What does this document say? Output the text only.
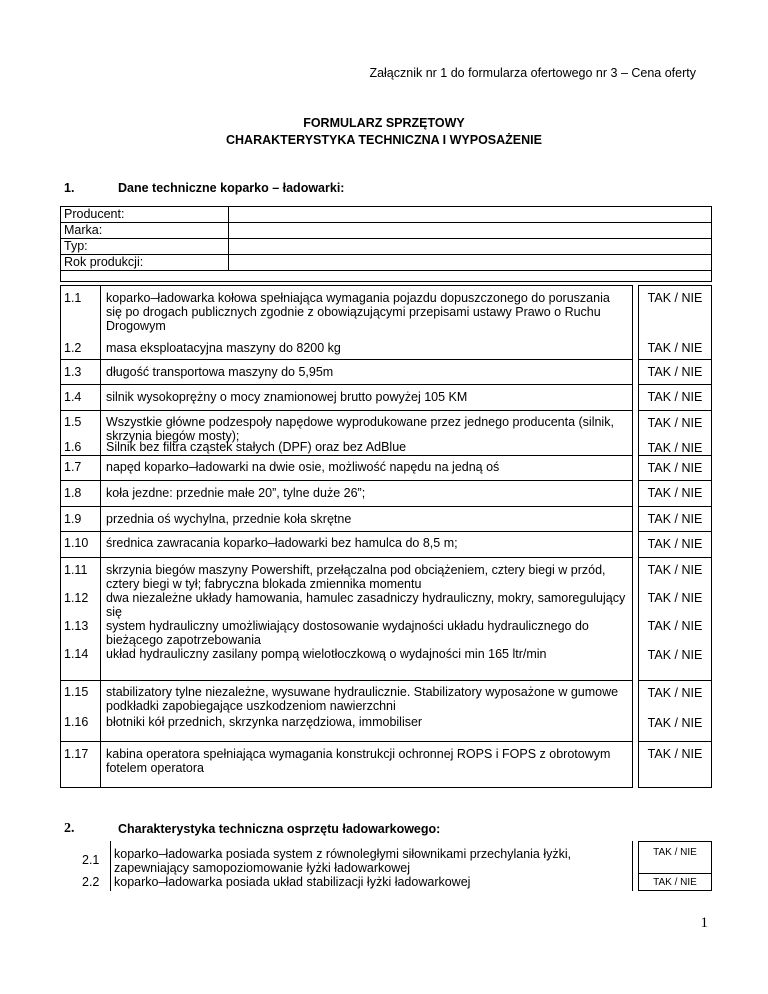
Załącznik nr 1 do formularza ofertowego nr 3 – Cena oferty
FORMULARZ SPRZĘTOWY
CHARAKTERYSTYKA TECHNICZNA I WYPOSAŻENIE
1.	Dane techniczne koparko – ładowarki:
Producent:	
Marka:	
Typ:	
Rok produkcji:	

1.1 koparko–ładowarka kołowa spełniająca wymagania pojazdu dopuszczonego do poruszania się po drogach publicznych zgodnie z obowiązującymi przepisami ustawy Prawo o Ruchu Drogowym
TAK / NIE
1.2 masa eksploatacyjna maszyny do 8200 kg	TAK / NIE
1.3 długość transportowa maszyny do 5,95m	TAK / NIE
1.4 silnik wysokoprężny o mocy znamionowej brutto powyżej 105 KM	TAK / NIE
1.5 Wszystkie główne podzespoły napędowe wyprodukowane przez jednego producenta (silnik, skrzynia biegów mosty);
TAK / NIE
1.6 Silnik bez filtra cząstek stałych (DPF) oraz bez AdBlue	TAK / NIE
1.7 napęd koparko–ładowarki na dwie osie, możliwość napędu na jedną oś	TAK / NIE
1.8 koła jezdne: przednie małe 20”, tylne duże 26”;	TAK / NIE
1.9 przednia oś wychylna, przednie koła skrętne	TAK / NIE
1.10 średnica zawracania koparko–ładowarki bez hamulca do 8,5 m;	TAK / NIE
1.11 skrzynia biegów maszyny Powershift, przełączalna pod obciążeniem, cztery biegi w przód, cztery biegi w tył; fabryczna blokada zmiennika momentu
TAK / NIE
1.12 dwa niezależne układy hamowania, hamulec zasadniczy hydrauliczny, mokry, samoregulujący się
TAK / NIE
1.13 system hydrauliczny umożliwiający dostosowanie wydajności układu hydraulicznego do bieżącego zapotrzebowania
TAK / NIE
1.14 układ hydrauliczny zasilany pompą wielotłoczkową o wydajności min 165 ltr/min	TAK / NIE
1.15 stabilizatory tylne niezależne, wysuwane hydraulicznie. Stabilizatory wyposażone w gumowe podkładki zapobiegające uszkodzeniom nawierzchni
TAK / NIE
1.16 błotniki kół przednich, skrzynka narzędziowa, immobiliser	TAK / NIE
1.17 kabina operatora spełniająca wymagania konstrukcji ochronnej ROPS i FOPS z obrotowym fotelem operatora
TAK / NIE
2.	Charakterystyka techniczna osprzętu ładowarkowego:
2.1 koparko–ładowarka posiada system z równoległymi siłownikami przechylania łyżki, zapewniający samopoziomowanie łyżki ładowarkowej
TAK / NIE
2.2 koparko–ładowarka posiada układ stabilizacji łyżki ładowarkowej	TAK / NIE
1
